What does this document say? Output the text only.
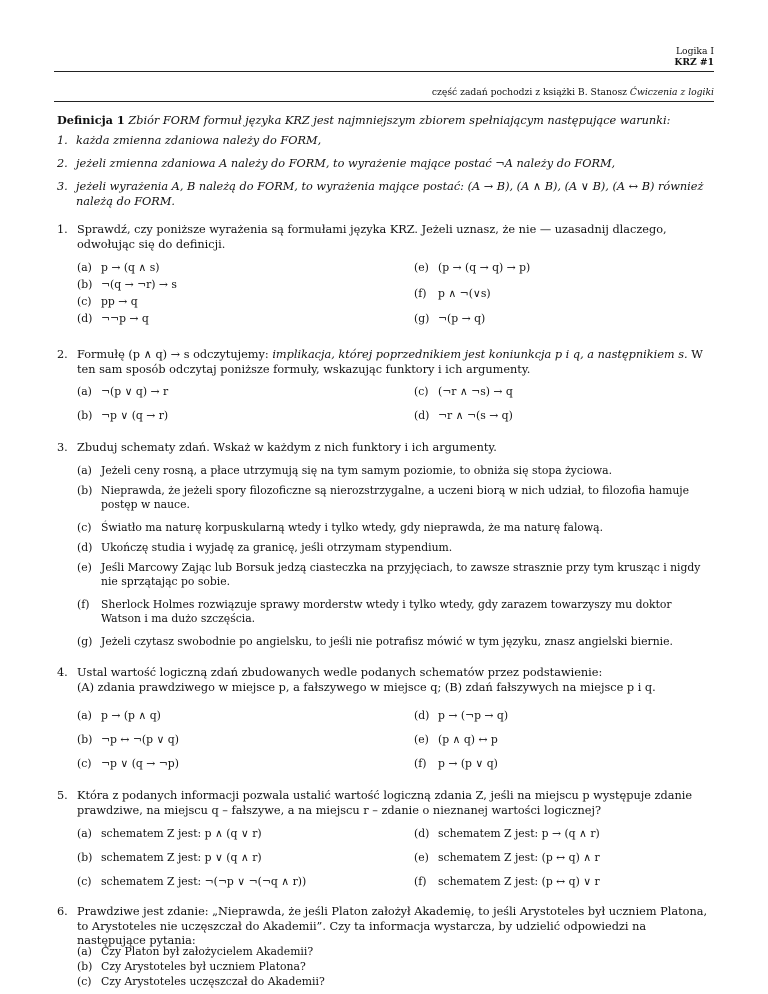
Logika I
KRZ #1
część zadań pochodzi z książki B. Stanosz Ćwiczenia z logiki
Definicja 1 Zbiór FORM formuł języka KRZ jest najmniejszym zbiorem spełniającym następujące warunki:
1. każda zmienna zdaniowa należy do FORM,
2. jeżeli zmienna zdaniowa A należy do FORM, to wyrażenie mające postać ¬A należy do FORM,
3. jeżeli wyrażenia A, B należą do FORM, to wyrażenia mające postać: (A → B), (A ∧ B), (A ∨ B), (A ↔ B) również należą do FORM.
1. Sprawdź, czy poniższe wyrażenia są formułami języka KRZ. Jeżeli uznasz, że nie — uzasadnij dlaczego, odwołując się do definicji.
(a) p → (q ∧ s)
(b) ¬(q → ¬r) → s
(c) pp → q
(d) ¬¬p → q
(e) (p → (q → q) → p)
(f) p ∧ ¬(∨s)
(g) ¬(p → q)
2. Formułę (p ∧ q) → s odczytujemy: implikacja, której poprzednikiem jest koniunkcja p i q, a następnikiem s. W ten sam sposób odczytaj poniższe formuły, wskazując funktory i ich argumenty.
(a) ¬(p ∨ q) → r
(b) ¬p ∨ (q → r)
(c) (¬r ∧ ¬s) → q
(d) ¬r ∧ ¬(s → q)
3. Zbuduj schematy zdań. Wskaż w każdym z nich funktory i ich argumenty.
(a) Jeżeli ceny rosną, a płace utrzymują się na tym samym poziomie, to obniża się stopa życiowa.
(b) Nieprawda, że jeżeli spory filozoficzne są nierozstrzygalne, a uczeni biorą w nich udział, to filozofia hamuje postęp w nauce.
(c) Światło ma naturę korpuskularną wtedy i tylko wtedy, gdy nieprawda, że ma naturę falową.
(d) Ukończę studia i wyjadę za granicę, jeśli otrzymam stypendium.
(e) Jeśli Marcowy Zając lub Borsuk jedzą ciasteczka na przyjęciach, to zawsze strasznie przy tym krusząc i nigdy nie sprzątając po sobie.
(f) Sherlock Holmes rozwiązuje sprawy morderstw wtedy i tylko wtedy, gdy zarazem towarzyszy mu doktor Watson i ma dużo szczęścia.
(g) Jeżeli czytasz swobodnie po angielsku, to jeśli nie potrafisz mówić w tym języku, znasz angielski biernie.
4. Ustal wartość logiczną zdań zbudowanych wedle podanych schematów przez podstawienie:
(A) zdania prawdziwego w miejsce p, a fałszywego w miejsce q; (B) zdań fałszywych na miejsce p i q.
(a) p → (p ∧ q)
(b) ¬p ↔ ¬(p ∨ q)
(c) ¬p ∨ (q → ¬p)
(d) p → (¬p → q)
(e) (p ∧ q) ↔ p
(f) p → (p ∨ q)
5. Która z podanych informacji pozwala ustalić wartość logiczną zdania Z, jeśli na miejscu p występuje zdanie prawdziwe, na miejscu q – fałszywe, a na miejscu r – zdanie o nieznanej wartości logicznej?
(a) schematem Z jest: p ∧ (q ∨ r)
(b) schematem Z jest: p ∨ (q ∧ r)
(c) schematem Z jest: ¬(¬p ∨ ¬(¬q ∧ r))
(d) schematem Z jest: p → (q ∧ r)
(e) schematem Z jest: (p ↔ q) ∧ r
(f) schematem Z jest: (p ↔ q) ∨ r
6. Prawdziwe jest zdanie: „Nieprawda, że jeśli Platon założył Akademię, to jeśli Arystoteles był uczniem Platona, to Arystoteles nie uczęszczał do Akademii”. Czy ta informacja wystarcza, by udzielić odpowiedzi na następujące pytania:
(a) Czy Platon był założycielem Akademii?
(b) Czy Arystoteles był uczniem Platona?
(c) Czy Arystoteles uczęszczał do Akademii?
